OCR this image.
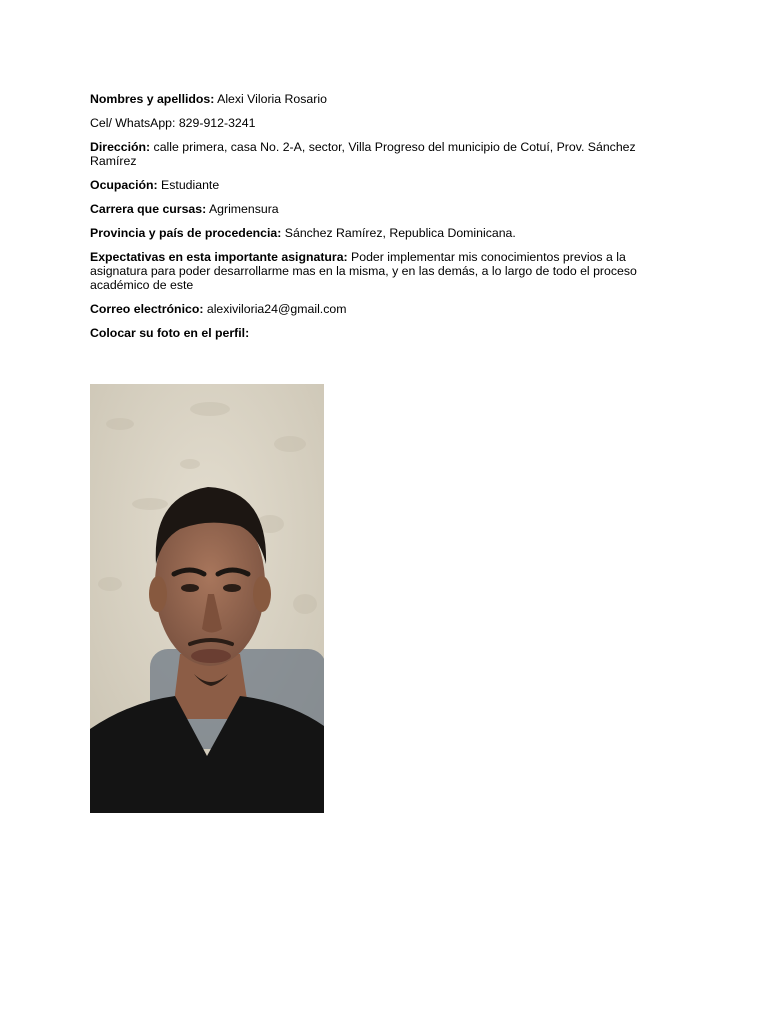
Nombres y apellidos: Alexi Viloria Rosario
Cel/ WhatsApp: 829-912-3241
Dirección: calle primera, casa No. 2-A, sector, Villa Progreso del municipio de Cotuí, Prov. Sánchez Ramírez
Ocupación: Estudiante
Carrera que cursas: Agrimensura
Provincia y país de procedencia: Sánchez Ramírez, Republica Dominicana.
Expectativas en esta importante asignatura: Poder implementar mis conocimientos previos a la asignatura para poder desarrollarme mas en la misma, y en las demás, a lo largo de todo el proceso académico de este
Correo electrónico: alexiviloria24@gmail.com
Colocar su foto en el perfil:
